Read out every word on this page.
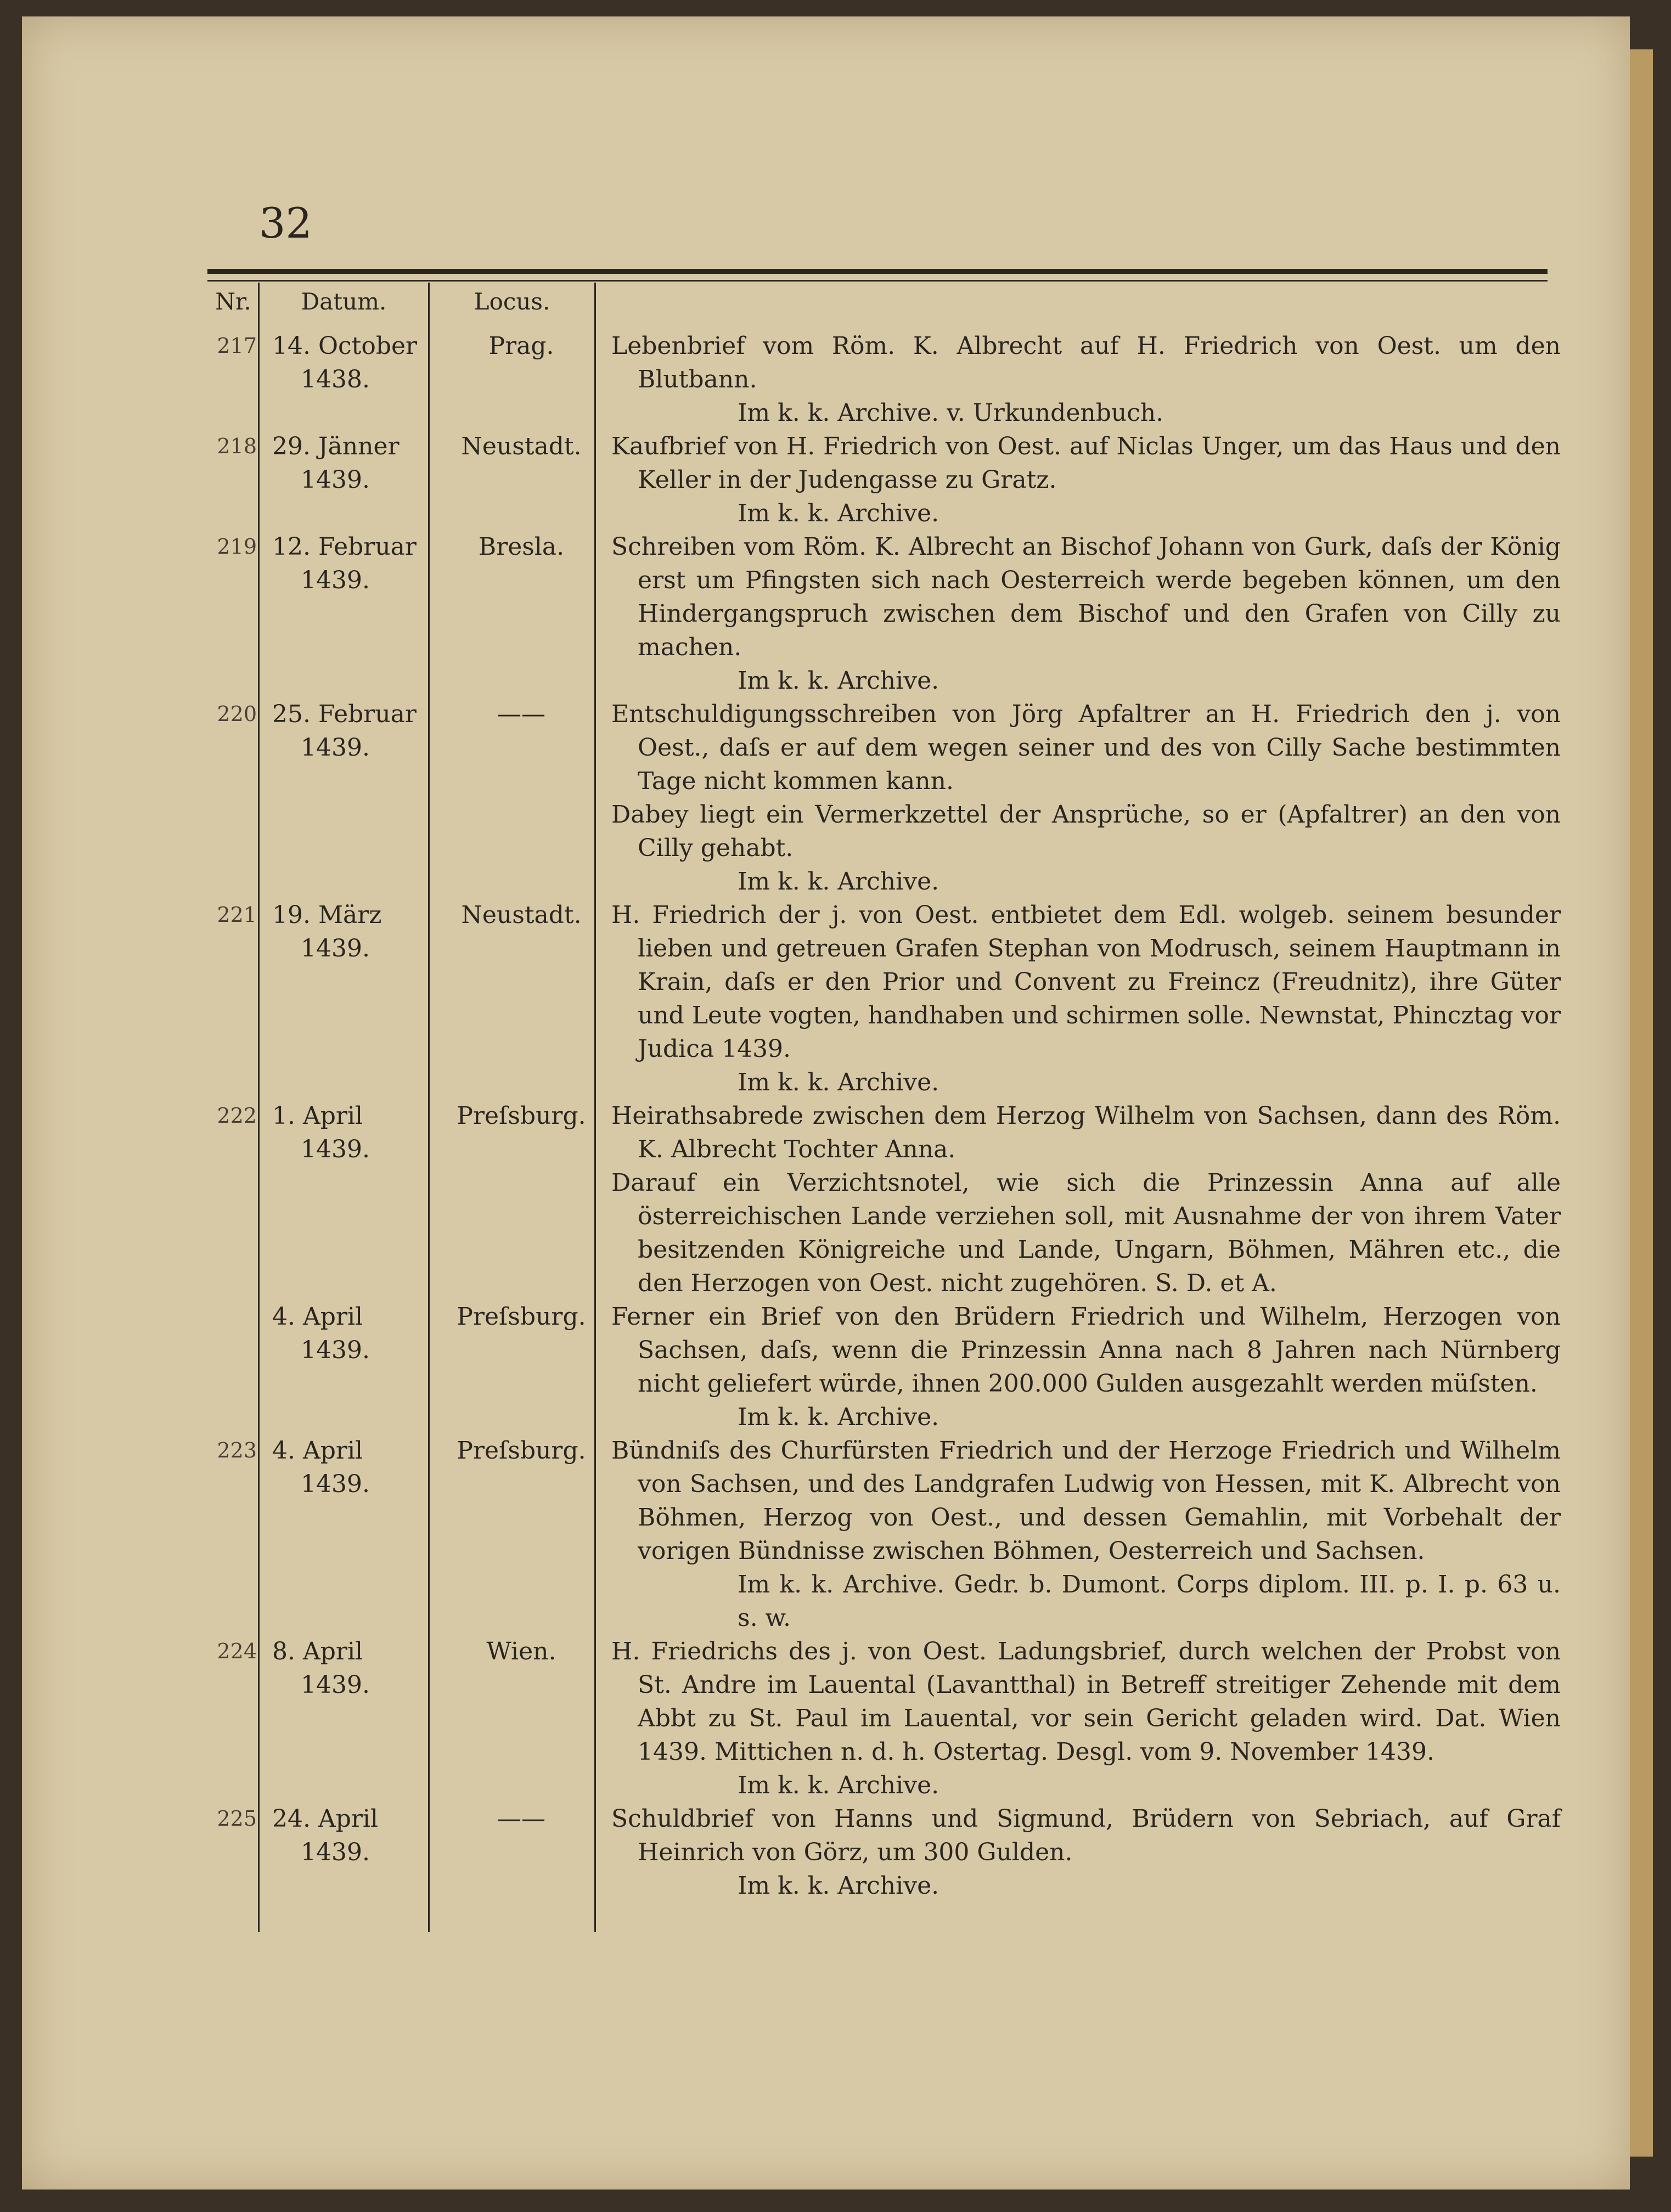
32
Nr.	Datum.	Locus.
217 14. October
1438.
Prag.	Lebenbrief vom Röm. K. Albrecht auf H. Friedrich von Oest. um den Blutbann.
Im k. k. Archive. v. Urkundenbuch.
218 29. Jänner
1439.
Neustadt.	Kaufbrief von H. Friedrich von Oest. auf Niclas Unger, um das Haus und den Keller in der Judengasse zu Gratz.
Im k. k. Archive.
219 12. Februar
1439.
Bresla.	Schreiben vom Röm. K. Albrecht an Bischof Johann von Gurk, daſs der König erst um Pfingsten sich nach Oesterreich werde begeben können, um den Hindergangspruch zwischen dem Bischof und den Grafen von Cilly zu machen.
Im k. k. Archive.
220 25. Februar
1439.
——	Entschuldigungsschreiben von Jörg Apfaltrer an H. Friedrich den j. von Oest., daſs er auf dem wegen seiner und des von Cilly Sache bestimmten Tage nicht kommen kann.
Dabey liegt ein Vermerkzettel der Ansprüche, so er (Apfaltrer) an den von Cilly gehabt.
Im k. k. Archive.
221 19. März
1439.
Neustadt.	H. Friedrich der j. von Oest. entbietet dem Edl. wolgeb. seinem besunder lieben und getreuen Grafen Stephan von Modrusch, seinem Hauptmann in Krain, daſs er den Prior und Convent zu Freincz (Freudnitz), ihre Güter und Leute vogten, handhaben und schirmen solle. Newnstat, Phincztag vor Judica 1439.
Im k. k. Archive.
222 1. April
1439.
Preſsburg.	Heirathsabrede zwischen dem Herzog Wilhelm von Sachsen, dann des Röm. K. Albrecht Tochter Anna.
Darauf ein Verzichtsnotel, wie sich die Prinzessin Anna auf alle österreichischen Lande verziehen soll, mit Ausnahme der von ihrem Vater besitzenden Königreiche und Lande, Ungarn, Böhmen, Mähren etc., die den Herzogen von Oest. nicht zugehören. S. D. et A.
4. April
1439.
Preſsburg.	Ferner ein Brief von den Brüdern Friedrich und Wilhelm, Herzogen von Sachsen, daſs, wenn die Prinzessin Anna nach 8 Jahren nach Nürnberg nicht geliefert würde, ihnen 200.000 Gulden ausgezahlt werden müſsten.
Im k. k. Archive.
223 4. April
1439.
Preſsburg.	Bündniſs des Churfürsten Friedrich und der Herzoge Friedrich und Wilhelm von Sachsen, und des Landgrafen Ludwig von Hessen, mit K. Albrecht von Böhmen, Herzog von Oest., und dessen Gemahlin, mit Vorbehalt der vorigen Bündnisse zwischen Böhmen, Oesterreich und Sachsen.
Im k. k. Archive. Gedr. b. Dumont. Corps diplom. III. p. I. p. 63 u. s. w.
224 8. April
1439.
Wien.	H. Friedrichs des j. von Oest. Ladungsbrief, durch welchen der Probst von St. Andre im Lauental (Lavantthal) in Betreff streitiger Zehende mit dem Abbt zu St. Paul im Lauental, vor sein Gericht geladen wird. Dat. Wien 1439. Mittichen n. d. h. Ostertag. Desgl. vom 9. November 1439.
Im k. k. Archive.
225 24. April
1439.
——	Schuldbrief von Hanns und Sigmund, Brüdern von Sebriach, auf Graf Heinrich von Görz, um 300 Gulden.
Im k. k. Archive.
